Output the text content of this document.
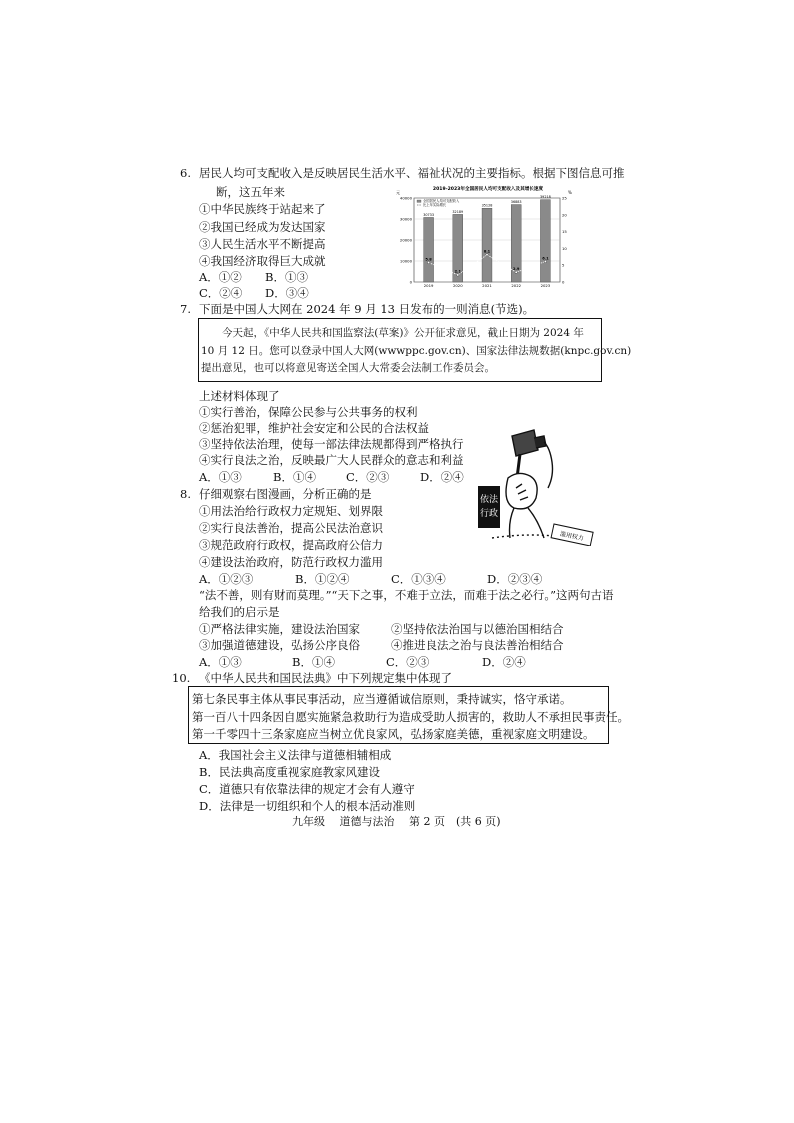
6. 居民人均可支配收入是反映居民生活水平、福祉状况的主要指标。根据下图信息可推
断，这五年来
①中华民族终于站起来了
②我国已经成为发达国家
③人民生活水平不断提高
④我国经济取得巨大成就
A．①② B．①③
C．②④ D．③④
2019-2023年全国居民人均可支配收入及其增长速度
元	%
40000
30000
20000
10000
0
25
20
15
10
5
0
30733
2019
32189
2020
35128
2021
36883
2022
39218
2023
5.8
2.1
8.1
2.9
6.1
全国居民人均可支配收入
比上年实际增长
7. 下面是中国人大网在 2024 年 9 月 13 日发布的一则消息(节选)。
今天起，《中华人民共和国监察法(草案)》公开征求意见，截止日期为 2024 年
10 月 12 日。您可以登录中国人大网(wwwppc.gov.cn)、国家法律法规数据(knpc.gov.cn)
提出意见，也可以将意见寄送全国人大常委会法制工作委员会。
上述材料体现了
①实行善治，保障公民参与公共事务的权利
②惩治犯罪，维护社会安定和公民的合法权益
③坚持依法治理，使每一部法律法规都得到严格执行
④实行良法之治，反映最广大人民群众的意志和利益
A．①③	B．①④	C．②③	D．②④
依法
行政
滥用权力
8. 仔细观察右图漫画，分析正确的是
①用法治给行政权力定规矩、划界限
②实行良法善治，提高公民法治意识
③规范政府行政权，提高政府公信力
④建设法治政府，防范行政权力滥用
A．①②③	B．①②④	C．①③④	D．②③④
“法不善，则有财而莫理。”“天下之事，不难于立法，而难于法之必行。”这两句古语
给我们的启示是
①严格法律实施，建设法治国家	②坚持依法治国与以德治国相结合
③加强道德建设，弘扬公序良俗	④推进良法之治与良法善治相结合
A．①③	B．①④	C．②③	D．②④
10. 《中华人民共和国民法典》中下列规定集中体现了
第七条民事主体从事民事活动，应当遵循诚信原则，秉持诚实，恪守承诺。
第一百八十四条因自愿实施紧急救助行为造成受助人损害的，救助人不承担民事责任。
第一千零四十三条家庭应当树立优良家风，弘扬家庭美德，重视家庭文明建设。
A．我国社会主义法律与道德相辅相成
B．民法典高度重视家庭教家风建设
C．道德只有依靠法律的规定才会有人遵守
D．法律是一切组织和个人的根本活动准则
九年级　 道德与法治　 第 2 页　(共 6 页)
